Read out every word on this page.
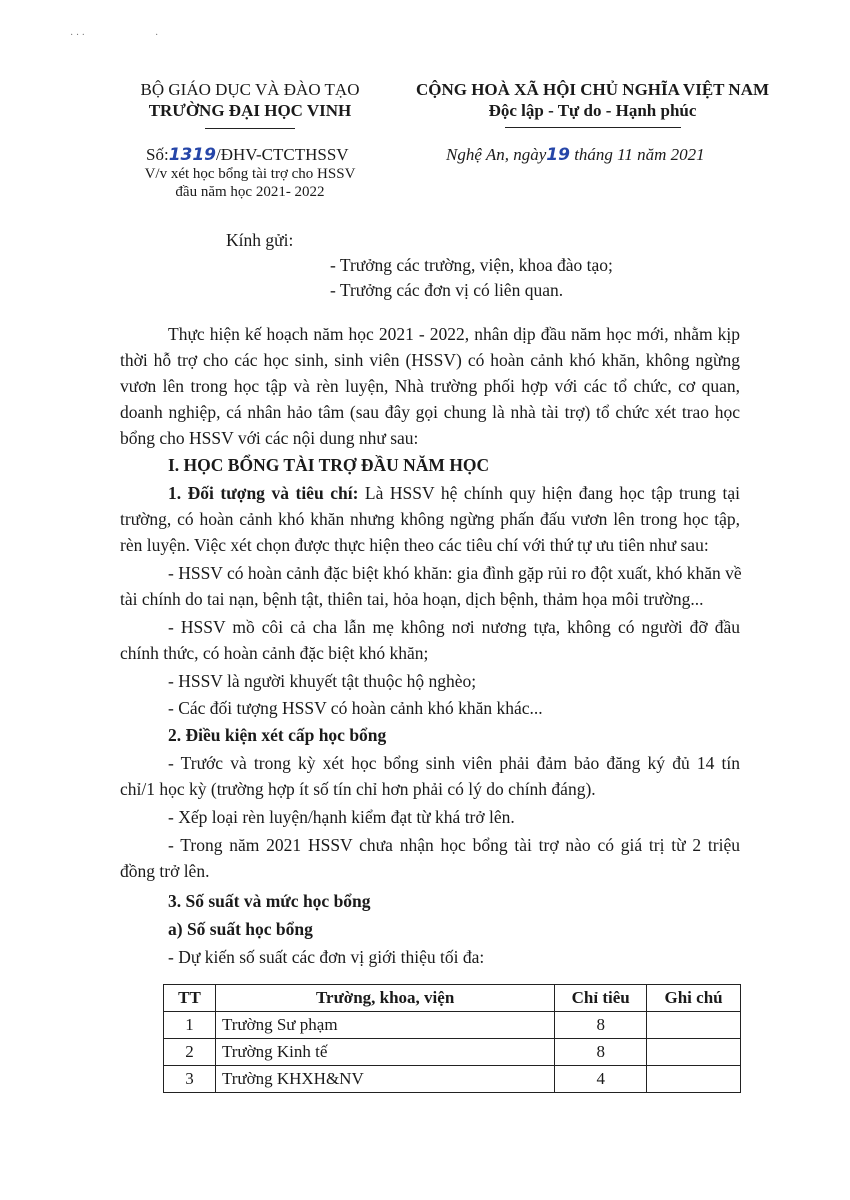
· · ·	·
BỘ GIÁO DỤC VÀ ĐÀO TẠO
TRƯỜNG ĐẠI HỌC VINH
Số:1319/ĐHV-CTCTHSSV
V/v xét học bổng tài trợ cho HSSV
đầu năm học 2021- 2022
CỘNG HOÀ XÃ HỘI CHỦ NGHĨA VIỆT NAM
Độc lập - Tự do - Hạnh phúc
Nghệ An, ngày19 tháng 11 năm 2021
Kính gửi:
- Trưởng các trường, viện, khoa đào tạo;
- Trưởng các đơn vị có liên quan.
Thực hiện kế hoạch năm học 2021 - 2022, nhân dịp đầu năm học mới, nhằm kịp
thời hỗ trợ cho các học sinh, sinh viên (HSSV) có hoàn cảnh khó khăn, không ngừng
vươn lên trong học tập và rèn luyện, Nhà trường phối hợp với các tổ chức, cơ quan,
doanh nghiệp, cá nhân hảo tâm (sau đây gọi chung là nhà tài trợ) tổ chức xét trao học
bổng cho HSSV với các nội dung như sau:
I. HỌC BỔNG TÀI TRỢ ĐẦU NĂM HỌC
1. Đối tượng và tiêu chí: Là HSSV hệ chính quy hiện đang học tập trung tại
trường, có hoàn cảnh khó khăn nhưng không ngừng phấn đấu vươn lên trong học tập,
rèn luyện. Việc xét chọn được thực hiện theo các tiêu chí với thứ tự ưu tiên như sau:
- HSSV có hoàn cảnh đặc biệt khó khăn: gia đình gặp rủi ro đột xuất, khó khăn về
tài chính do tai nạn, bệnh tật, thiên tai, hỏa hoạn, dịch bệnh, thảm họa môi trường...
- HSSV mồ côi cả cha lẫn mẹ không nơi nương tựa, không có người đỡ đầu
chính thức, có hoàn cảnh đặc biệt khó khăn;
- HSSV là người khuyết tật thuộc hộ nghèo;
- Các đối tượng HSSV có hoàn cảnh khó khăn khác...
2. Điều kiện xét cấp học bổng
- Trước và trong kỳ xét học bổng sinh viên phải đảm bảo đăng ký đủ 14 tín
chỉ/1 học kỳ (trường hợp ít số tín chỉ hơn phải có lý do chính đáng).
- Xếp loại rèn luyện/hạnh kiểm đạt từ khá trở lên.
- Trong năm 2021 HSSV chưa nhận học bổng tài trợ nào có giá trị từ 2 triệu
đồng trở lên.
3. Số suất và mức học bổng
a) Số suất học bổng
- Dự kiến số suất các đơn vị giới thiệu tối đa:
TT	Trường, khoa, viện	Chỉ tiêu	Ghi chú
1	Trường Sư phạm	8	
2	Trường Kinh tế	8	
3	Trường KHXH&NV	4	
